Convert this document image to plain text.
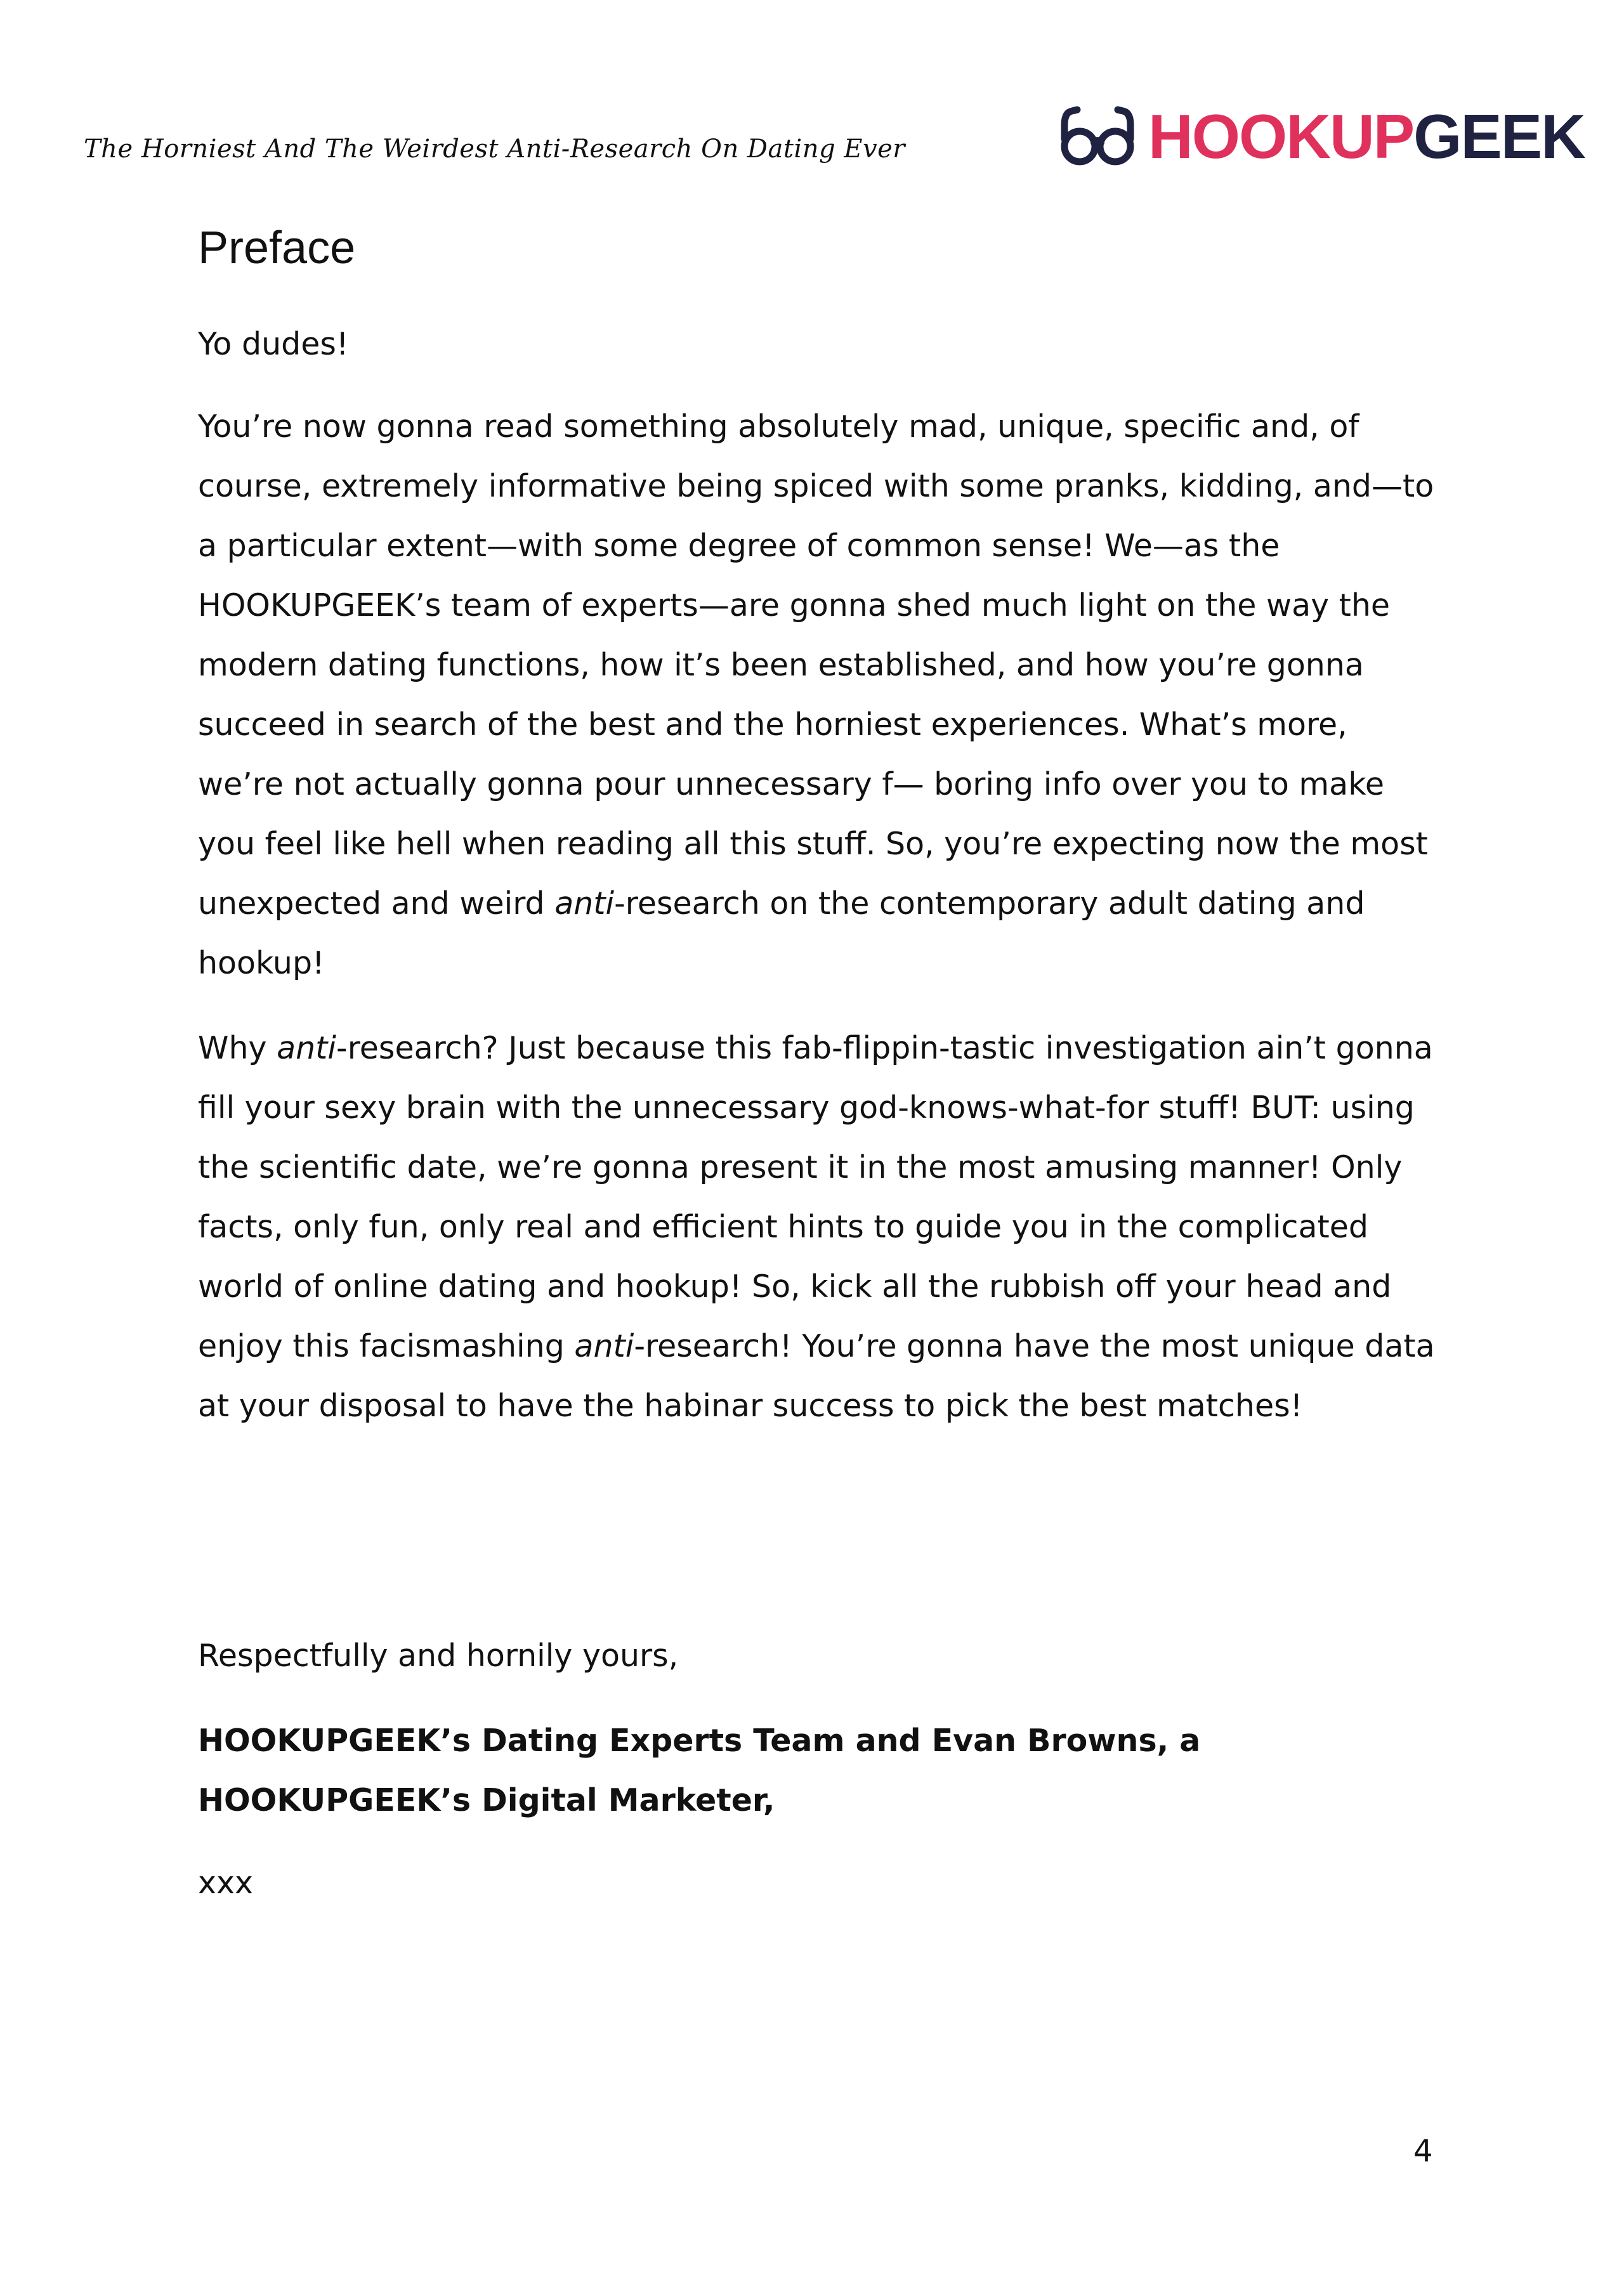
The Horniest And The Weirdest Anti-Research On Dating Ever	HOOKUP GEEK
Preface

Yo dudes!

You’re now gonna read something absolutely mad, unique, specific and, of course, extremely informative being spiced with some pranks, kidding, and—to a particular extent—with some degree of common sense! We—as the HOOKUPGEEK’s team of experts—are gonna shed much light on the way the modern dating functions, how it’s been established, and how you’re gonna succeed in search of the best and the horniest experiences. What’s more, we’re not actually gonna pour unnecessary f— boring info over you to make you feel like hell when reading all this stuff. So, you’re expecting now the most unexpected and weird anti-research on the contemporary adult dating and hookup!

Why anti-research? Just because this fab-flippin-tastic investigation ain’t gonna fill your sexy brain with the unnecessary god-knows-what-for stuff! BUT: using the scientific date, we’re gonna present it in the most amusing manner! Only facts, only fun, only real and efficient hints to guide you in the complicated world of online dating and hookup! So, kick all the rubbish off your head and enjoy this facismashing anti-research! You’re gonna have the most unique data at your disposal to have the habinar success to pick the best matches!

Respectfully and hornily yours,

HOOKUPGEEK’s Dating Experts Team and Evan Browns, a HOOKUPGEEK’s Digital Marketer,

xxx

4
